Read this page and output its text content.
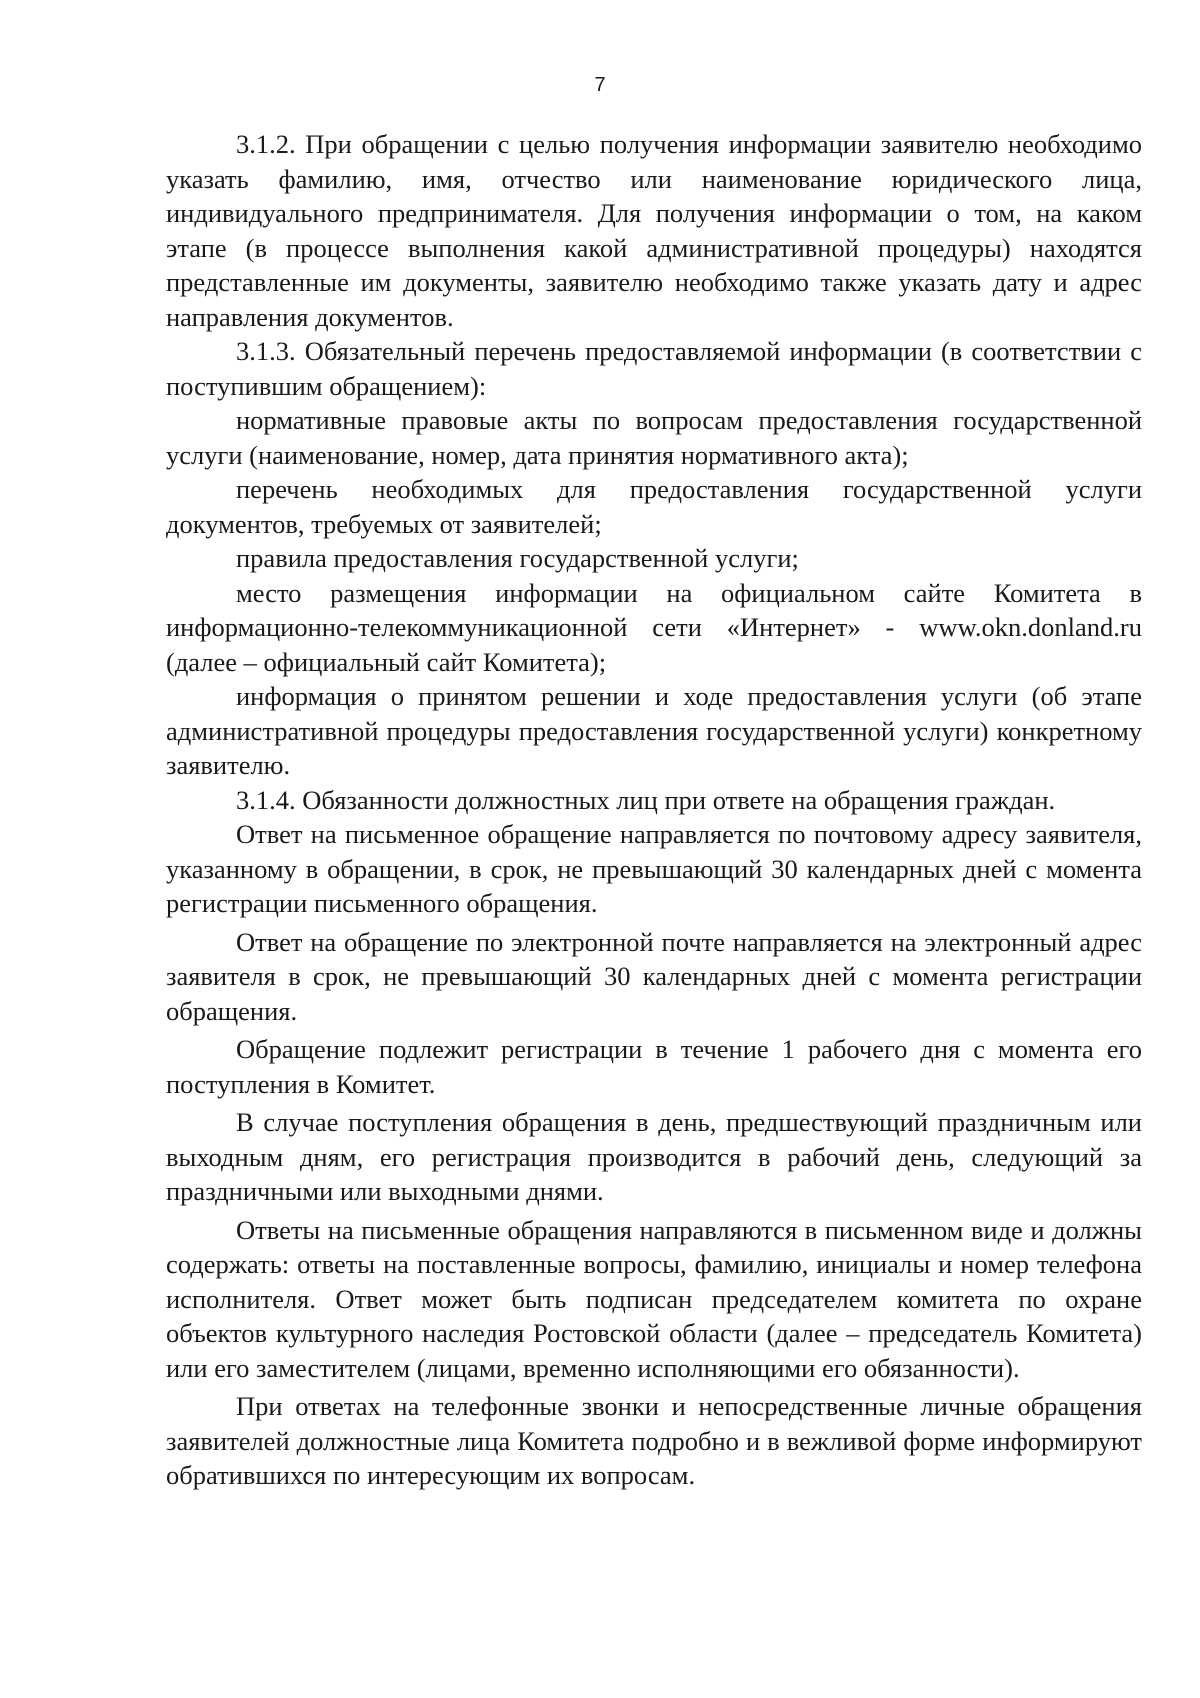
7

3.1.2. При обращении с целью получения информации заявителю необходимо указать фамилию, имя, отчество или наименование юридического лица, индивидуального предпринимателя. Для получения информации о том, на каком этапе (в процессе выполнения какой административной процедуры) находятся представленные им документы, заявителю необходимо также указать дату и адрес направления документов.

3.1.3. Обязательный перечень предоставляемой информации (в соответствии с поступившим обращением):

нормативные правовые акты по вопросам предоставления государственной услуги (наименование, номер, дата принятия нормативного акта);

перечень необходимых для предоставления государственной услуги документов, требуемых от заявителей;

правила предоставления государственной услуги;

место размещения информации на официальном сайте Комитета в информационно-телекоммуникационной сети «Интернет» - www.okn.donland.ru (далее – официальный сайт Комитета);

информация о принятом решении и ходе предоставления услуги (об этапе административной процедуры предоставления государственной услуги) конкретному заявителю.

3.1.4. Обязанности должностных лиц при ответе на обращения граждан.

Ответ на письменное обращение направляется по почтовому адресу заявителя, указанному в обращении, в срок, не превышающий 30 календарных дней с момента регистрации письменного обращения.

Ответ на обращение по электронной почте направляется на электронный адрес заявителя в срок, не превышающий 30 календарных дней с момента регистрации обращения.

Обращение подлежит регистрации в течение 1 рабочего дня с момента его поступления в Комитет.

В случае поступления обращения в день, предшествующий праздничным или выходным дням, его регистрация производится в рабочий день, следующий за праздничными или выходными днями.

Ответы на письменные обращения направляются в письменном виде и должны содержать: ответы на поставленные вопросы, фамилию, инициалы и номер телефона исполнителя. Ответ может быть подписан председателем комитета по охране объектов культурного наследия Ростовской области (далее – председатель Комитета) или его заместителем (лицами, временно исполняющими его обязанности).

При ответах на телефонные звонки и непосредственные личные обращения заявителей должностные лица Комитета подробно и в вежливой форме информируют обратившихся по интересующим их вопросам.
